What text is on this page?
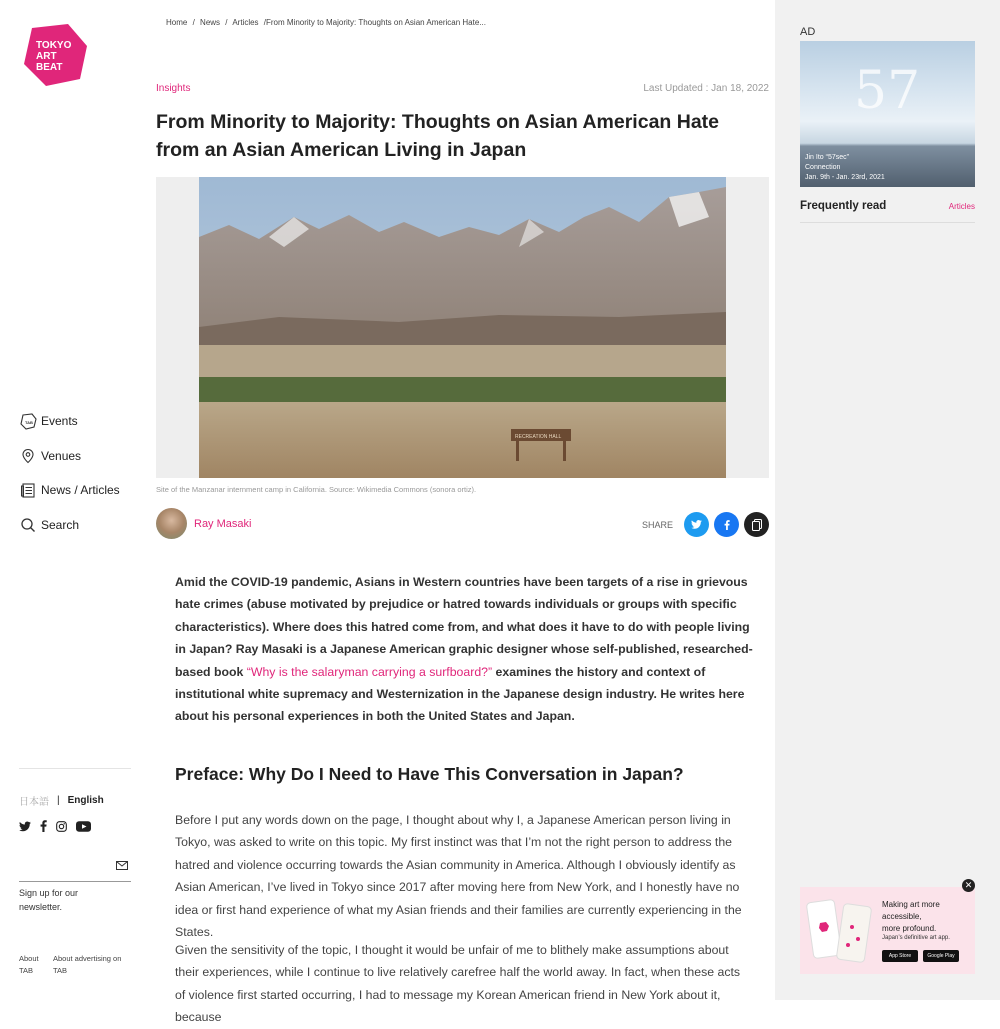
TOKYO
ART
BEAT
TAB Events
Venues
News / Articles
Search
日本語 | English
Sign up for our newsletter.
About TAB
About advertising on TAB
Home / News / Articles /From Minority to Majority: Thoughts on Asian American Hate...
Insights	Last Updated : Jan 18, 2022
From Minority to Majority: Thoughts on Asian American Hate from an Asian American Living in Japan
RECREATION HALL
Site of the Manzanar internment camp in California. Source: Wikimedia Commons (sonora ortiz).
Ray Masaki	SHARE

Amid the COVID-19 pandemic, Asians in Western countries have been targets of a rise in grievous hate crimes (abuse motivated by prejudice or hatred towards individuals or groups with specific characteristics). Where does this hatred come from, and what does it have to do with people living in Japan? Ray Masaki is a Japanese American graphic designer whose self-published, researched-based book “Why is the salaryman carrying a surfboard?” examines the history and context of institutional white supremacy and Westernization in the Japanese design industry. He writes here about his personal experiences in both the United States and Japan.

Preface: Why Do I Need to Have This Conversation in Japan?

Before I put any words down on the page, I thought about why I, a Japanese American person living in Tokyo, was asked to write on this topic. My first instinct was that I’m not the right person to address the hatred and violence occurring towards the Asian community in America. Although I obviously identify as Asian American, I’ve lived in Tokyo since 2017 after moving here from New York, and I honestly have no idea or first hand experience of what my Asian friends and their families are currently experiencing in the States.

Given the sensitivity of the topic, I thought it would be unfair of me to blithely make assumptions about their experiences, while I continue to live relatively carefree half the world away. In fact, when these acts of violence first started occurring, I had to message my Korean American friend in New York about it, because

AD
57
Jin Ito “57sec”
Connection
Jan. 9th - Jan. 23rd, 2021
Frequently read	Articles
Making art more
accessible,
more profound.
Japan’s definitive art app.
App Store	Google Play
✕
